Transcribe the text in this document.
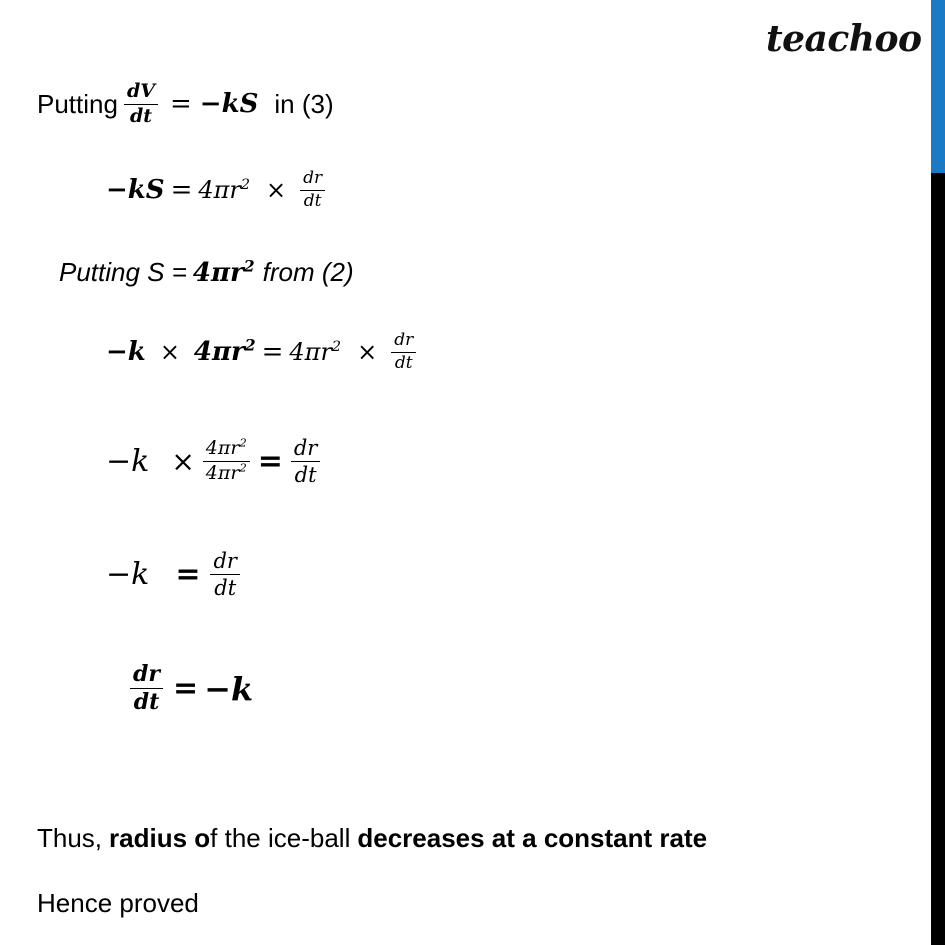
teachoo
Putting $\frac{dV}{dt} = -kS$ in (3)
$-kS = 4\pi r^2 \times \frac{dr}{dt}$
Putting $S = 4\pi r^2$ from (2)
$-k \times 4\pi r^2 = 4\pi r^2 \times \frac{dr}{dt}$
$-k \times \frac{4\pi r^2}{4\pi r^2} = \frac{dr}{dt}$
$-k = \frac{dr}{dt}$
$\frac{dr}{dt} = -k$
Thus, radius o f the ice-ball decreases at a constant rate
Hence proved
